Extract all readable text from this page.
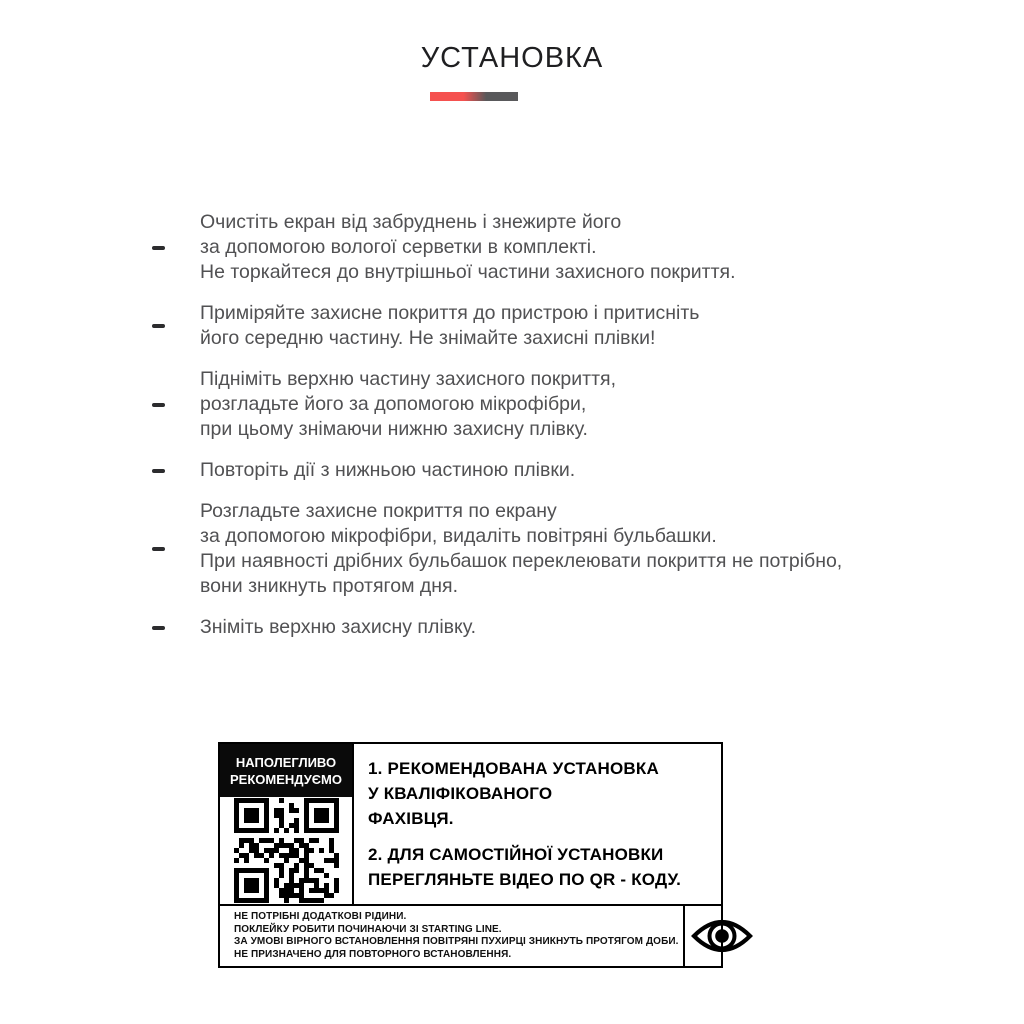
УСТАНОВКА
Очистіть екран від забруднень і знежирте його
за допомогою вологої серветки в комплекті.
Не торкайтеся до внутрішньої частини захисного покриття.
Приміряйте захисне покриття до пристрою і притисніть
його середню частину. Не знімайте захисні плівки!
Підніміть верхню частину захисного покриття,
розгладьте його за допомогою мікрофібри,
при цьому знімаючи нижню захисну плівку.
Повторіть дії з нижньою частиною плівки.
Розгладьте захисне покриття по екрану
за допомогою мікрофібри, видаліть повітряні бульбашки.
При наявності дрібних бульбашок переклеювати покриття не потрібно,
вони зникнуть протягом дня.
Зніміть верхню захисну плівку.
НАПОЛЕГЛИВО
РЕКОМЕНДУЄМО
1. РЕКОМЕНДОВАНА УСТАНОВКА
У КВАЛІФІКОВАНОГО
ФАХІВЦЯ.
2. ДЛЯ САМОСТІЙНОЇ УСТАНОВКИ
ПЕРЕГЛЯНЬТЕ ВІДЕО ПО QR - КОДУ.
НЕ ПОТРІБНІ ДОДАТКОВІ РІДИНИ.
ПОКЛЕЙКУ РОБИТИ ПОЧИНАЮЧИ ЗІ STARTING LINE.
ЗА УМОВІ ВІРНОГО ВСТАНОВЛЕННЯ ПОВІТРЯНІ ПУХИРЦІ ЗНИКНУТЬ ПРОТЯГОМ ДОБИ.
НЕ ПРИЗНАЧЕНО ДЛЯ ПОВТОРНОГО ВСТАНОВЛЕННЯ.
